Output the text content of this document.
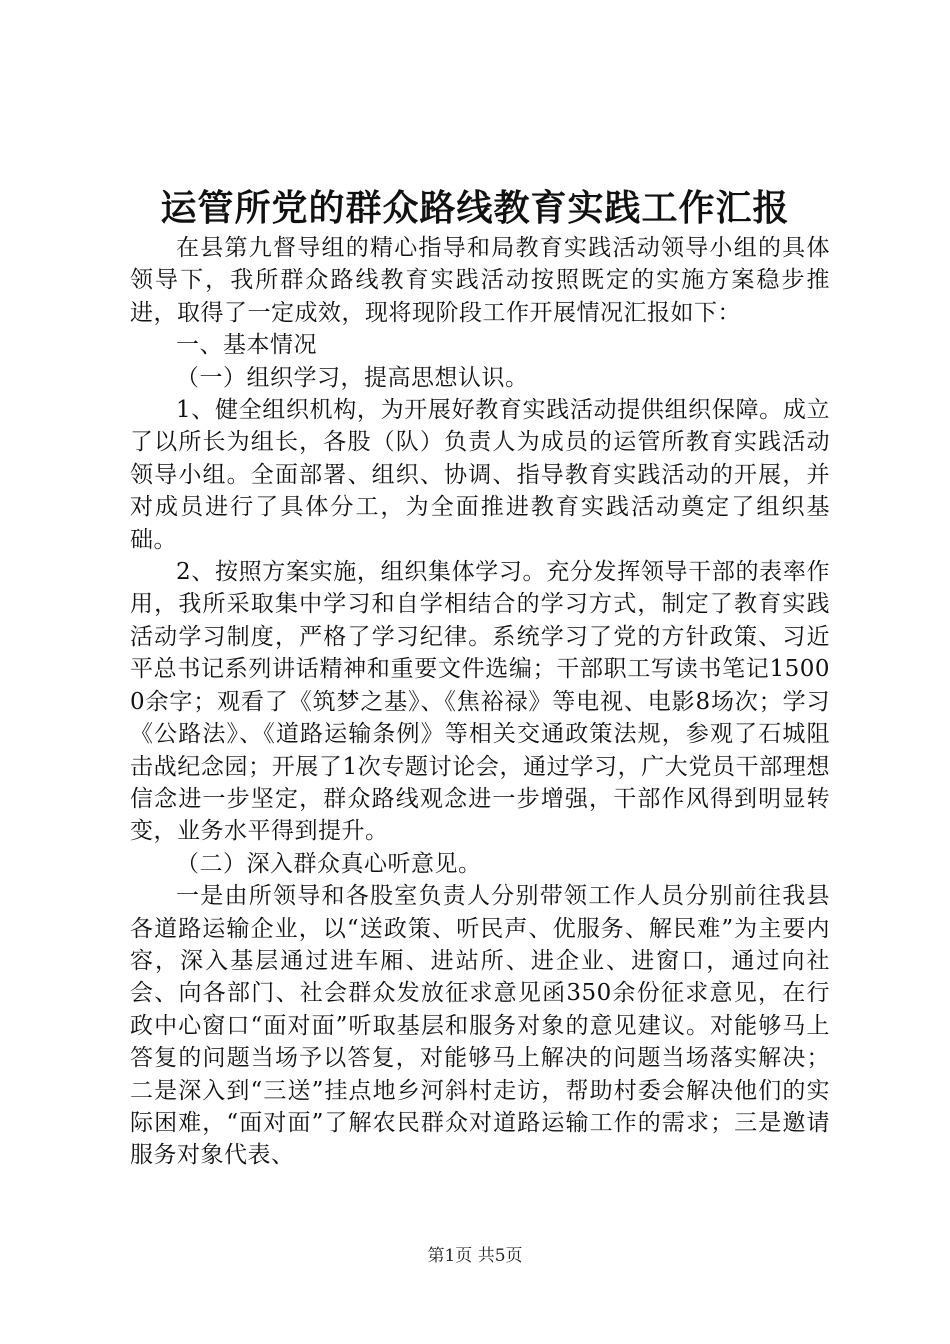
运管所党的群众路线教育实践工作汇报

在县第九督导组的精心指导和局教育实践活动领导小组的具体领导下，我所群众路线教育实践活动按照既定的实施方案稳步推进，取得了一定成效，现将现阶段工作开展情况汇报如下：

一、基本情况

（一）组织学习，提高思想认识。

1、健全组织机构，为开展好教育实践活动提供组织保障。成立了以所长为组长，各股（队）负责人为成员的运管所教育实践活动领导小组。全面部署、组织、协调、指导教育实践活动的开展，并对成员进行了具体分工，为全面推进教育实践活动奠定了组织基础。

2、按照方案实施，组织集体学习。充分发挥领导干部的表率作用，我所采取集中学习和自学相结合的学习方式，制定了教育实践活动学习制度，严格了学习纪律。系统学习了党的方针政策、习近平总书记系列讲话精神和重要文件选编；干部职工写读书笔记15000余字；观看了《筑梦之基》、《焦裕禄》等电视、电影8场次；学习《公路法》、《道路运输条例》等相关交通政策法规，参观了石城阻击战纪念园；开展了1次专题讨论会，通过学习，广大党员干部理想信念进一步坚定，群众路线观念进一步增强，干部作风得到明显转变，业务水平得到提升。

（二）深入群众真心听意见。

一是由所领导和各股室负责人分别带领工作人员分别前往我县各道路运输企业，以“送政策、听民声、优服务、解民难”为主要内容，深入基层通过进车厢、进站所、进企业、进窗口，通过向社会、向各部门、社会群众发放征求意见函350余份征求意见，在行政中心窗口“面对面”听取基层和服务对象的意见建议。对能够马上答复的问题当场予以答复，对能够马上解决的问题当场落实解决；二是深入到“三送”挂点地乡河斜村走访，帮助村委会解决他们的实际困难，“面对面”了解农民群众对道路运输工作的需求；三是邀请服务对象代表、

第1页 共5页
